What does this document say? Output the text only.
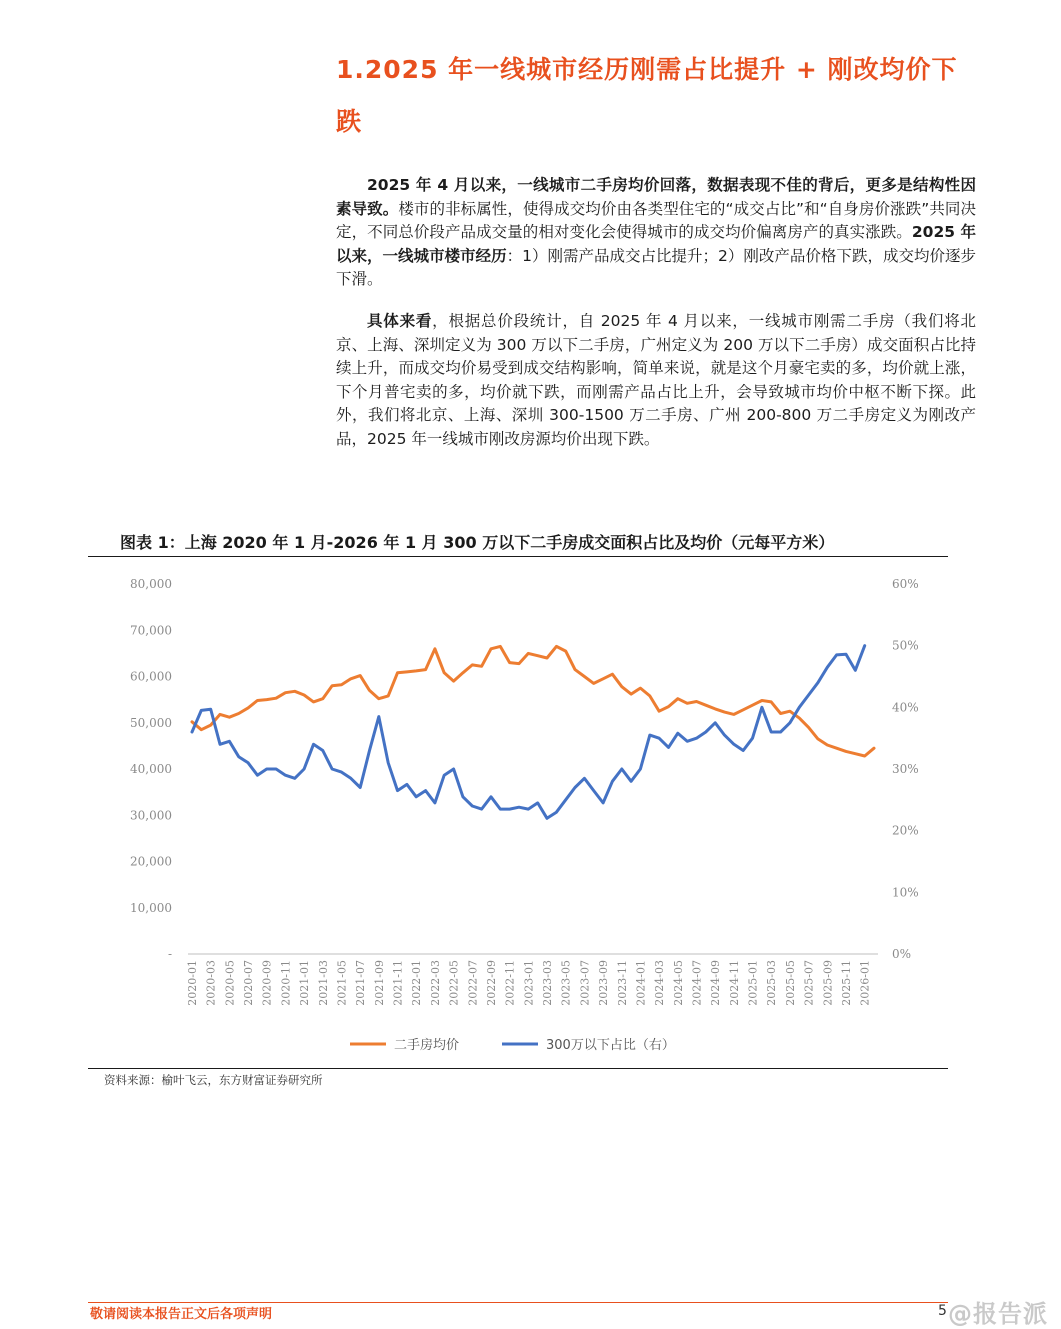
1.2025 年一线城市经历刚需占比提升 + 刚改均价下跌
2025 年 4 月以来，一线城市二手房均价回落，数据表现不佳的背后，更多是结构性因素导致。楼市的非标属性，使得成交均价由各类型住宅的“成交占比”和“自身房价涨跌”共同决定，不同总价段产品成交量的相对变化会使得城市的成交均价偏离房产的真实涨跌。2025 年以来，一线城市楼市经历：1）刚需产品成交占比提升；2）刚改产品价格下跌，成交均价逐步下滑。
具体来看，根据总价段统计，自 2025 年 4 月以来，一线城市刚需二手房（我们将北京、上海、深圳定义为 300 万以下二手房，广州定义为 200 万以下二手房）成交面积占比持续上升，而成交均价易受到成交结构影响，简单来说，就是这个月豪宅卖的多，均价就上涨，下个月普宅卖的多，均价就下跌，而刚需产品占比上升，会导致城市均价中枢不断下探。此外，我们将北京、上海、深圳 300-1500 万二手房、广州 200-800 万二手房定义为刚改产品，2025 年一线城市刚改房源均价出现下跌。
图表 1：上海 2020 年 1 月-2026 年 1 月 300 万以下二手房成交面积占比及均价（元每平方米）
-
10,000
20,000
30,000
40,000
50,000
60,000
70,000
80,000
0%
10%
20%
30%
40%
50%
60%
2020-01 2020-03 2020-05 2020-07 2020-09 2020-11 2021-01 2021-03 2021-05 2021-07 2021-09 2021-11 2022-01 2022-03 2022-05 2022-07 2022-09 2022-11 2023-01 2023-03 2023-05 2023-07 2023-09 2023-11 2024-01 2024-03 2024-05 2024-07 2024-09 2024-11 2025-01 2025-03 2025-05 2025-07 2025-09 2025-11 2026-01
二手房均价	300万以下占比（右）
资料来源：榆叶飞云，东方财富证券研究所
敬请阅读本报告正文后各项声明	5 @报告派
